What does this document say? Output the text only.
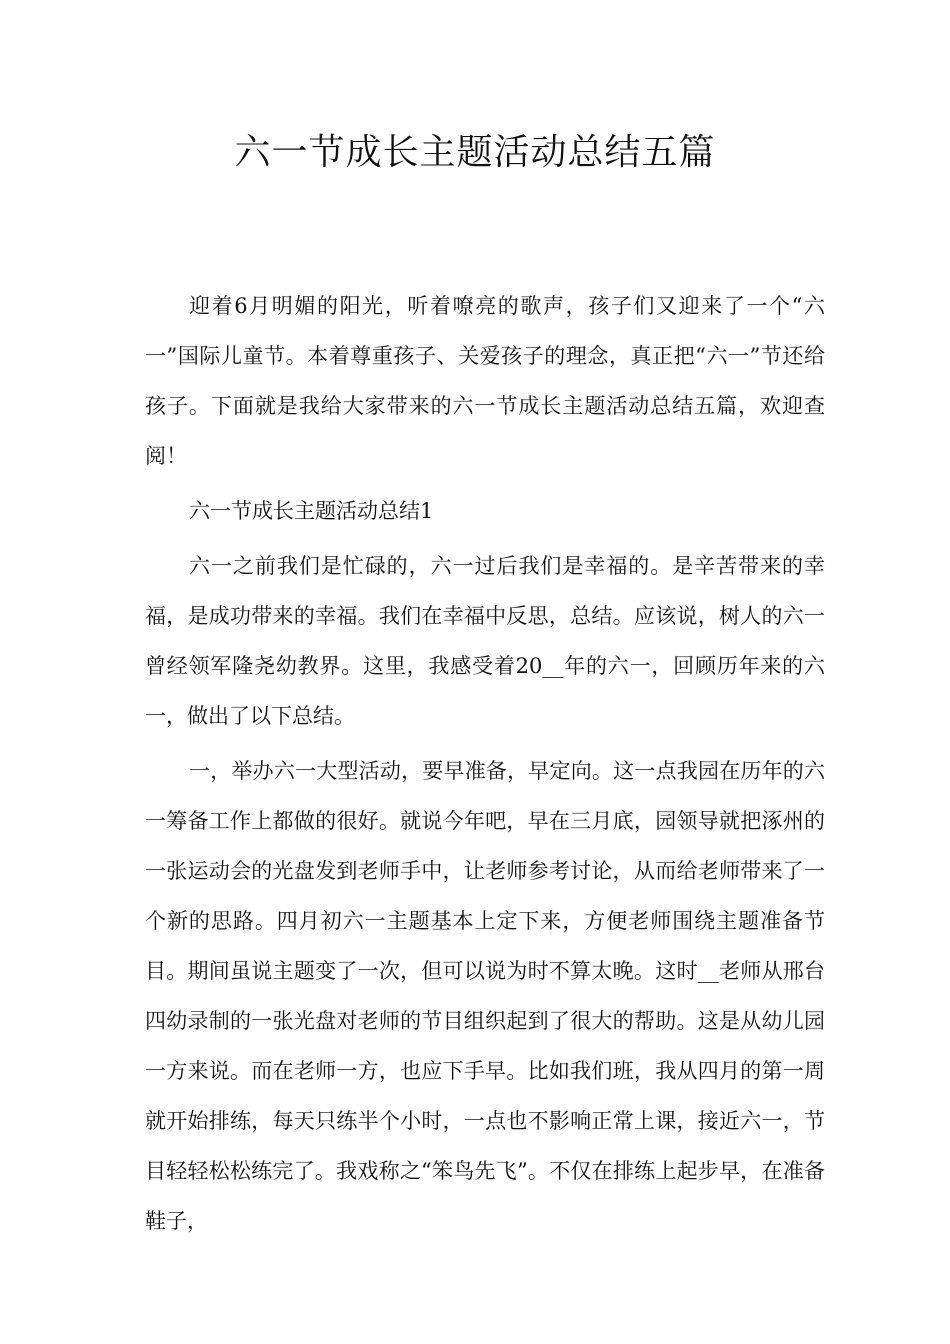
六一节成长主题活动总结五篇

迎着6月明媚的阳光，听着嘹亮的歌声，孩子们又迎来了一个“六一”国际儿童节。本着尊重孩子、关爱孩子的理念，真正把“六一”节还给孩子。下面就是我给大家带来的六一节成长主题活动总结五篇，欢迎查阅！

六一节成长主题活动总结1

六一之前我们是忙碌的，六一过后我们是幸福的。是辛苦带来的幸福，是成功带来的幸福。我们在幸福中反思，总结。应该说，树人的六一曾经领军隆尧幼教界。这里，我感受着20__年的六一，回顾历年来的六一，做出了以下总结。

一，举办六一大型活动，要早准备，早定向。这一点我园在历年的六一筹备工作上都做的很好。就说今年吧，早在三月底，园领导就把涿州的一张运动会的光盘发到老师手中，让老师参考讨论，从而给老师带来了一个新的思路。四月初六一主题基本上定下来，方便老师围绕主题准备节目。期间虽说主题变了一次，但可以说为时不算太晚。这时__老师从邢台四幼录制的一张光盘对老师的节目组织起到了很大的帮助。这是从幼儿园一方来说。而在老师一方，也应下手早。比如我们班，我从四月的第一周就开始排练，每天只练半个小时，一点也不影响正常上课，接近六一，节目轻轻松松练完了。我戏称之“笨鸟先飞”。不仅在排练上起步早，在准备鞋子，
